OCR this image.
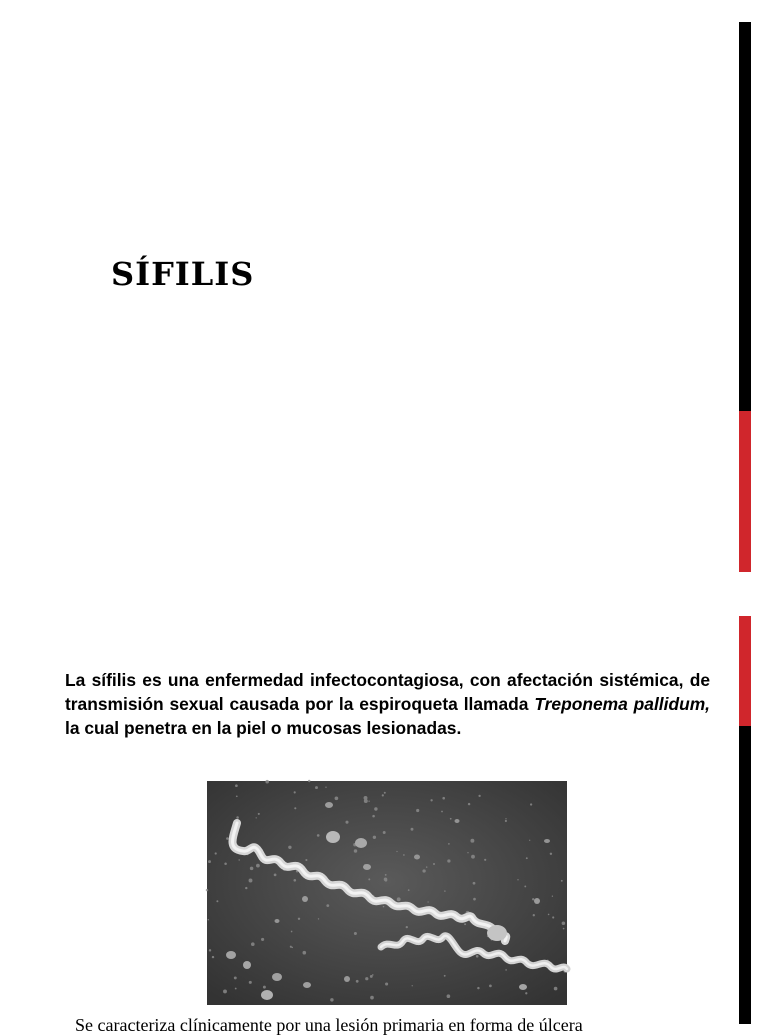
SÍFILIS

La sífilis es una enfermedad infectocontagiosa, con afectación sistémica, de transmisión sexual causada por la espiroqueta llamada Treponema pallidum, la cual penetra en la piel o mucosas lesionadas.

Se caracteriza clínicamente por una lesión primaria en forma de úlcera
